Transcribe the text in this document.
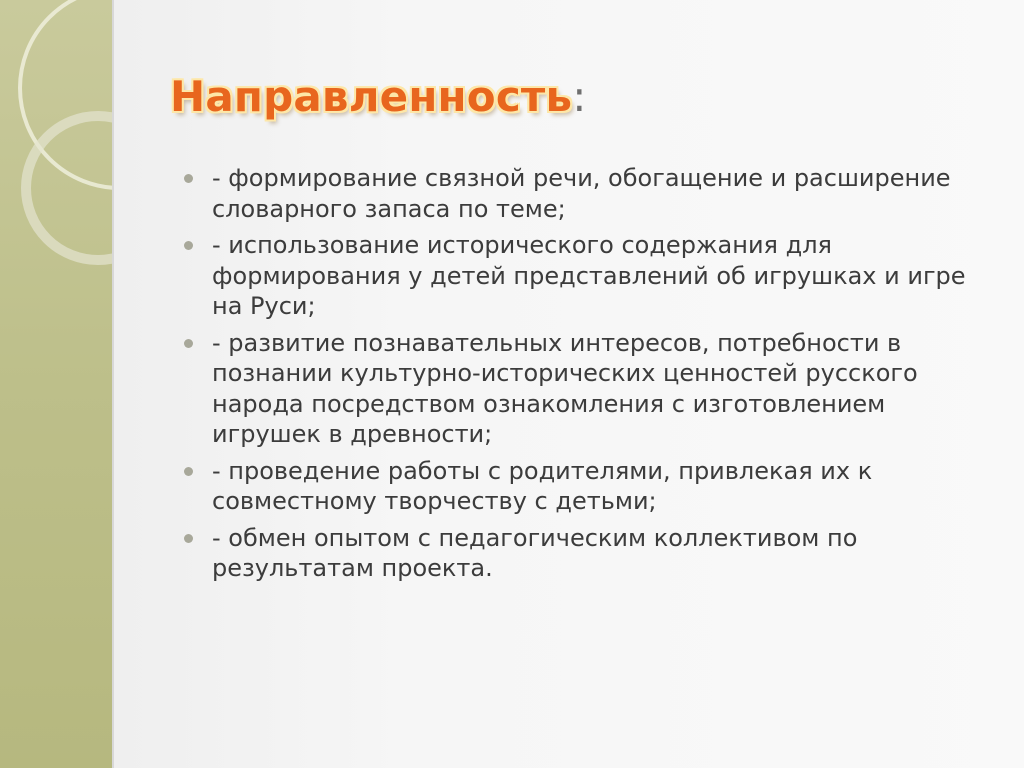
Направленность:
- формирование связной речи, обогащение и расширение словарного запаса по теме;
- использование исторического содержания для формирования у детей представлений об игрушках и игре на Руси;
- развитие познавательных интересов, потребности в познании культурно-исторических ценностей русского народа посредством ознакомления с изготовлением игрушек в древности;
- проведение работы с родителями, привлекая их к совместному творчеству с детьми;
- обмен опытом с педагогическим коллективом по результатам проекта.
